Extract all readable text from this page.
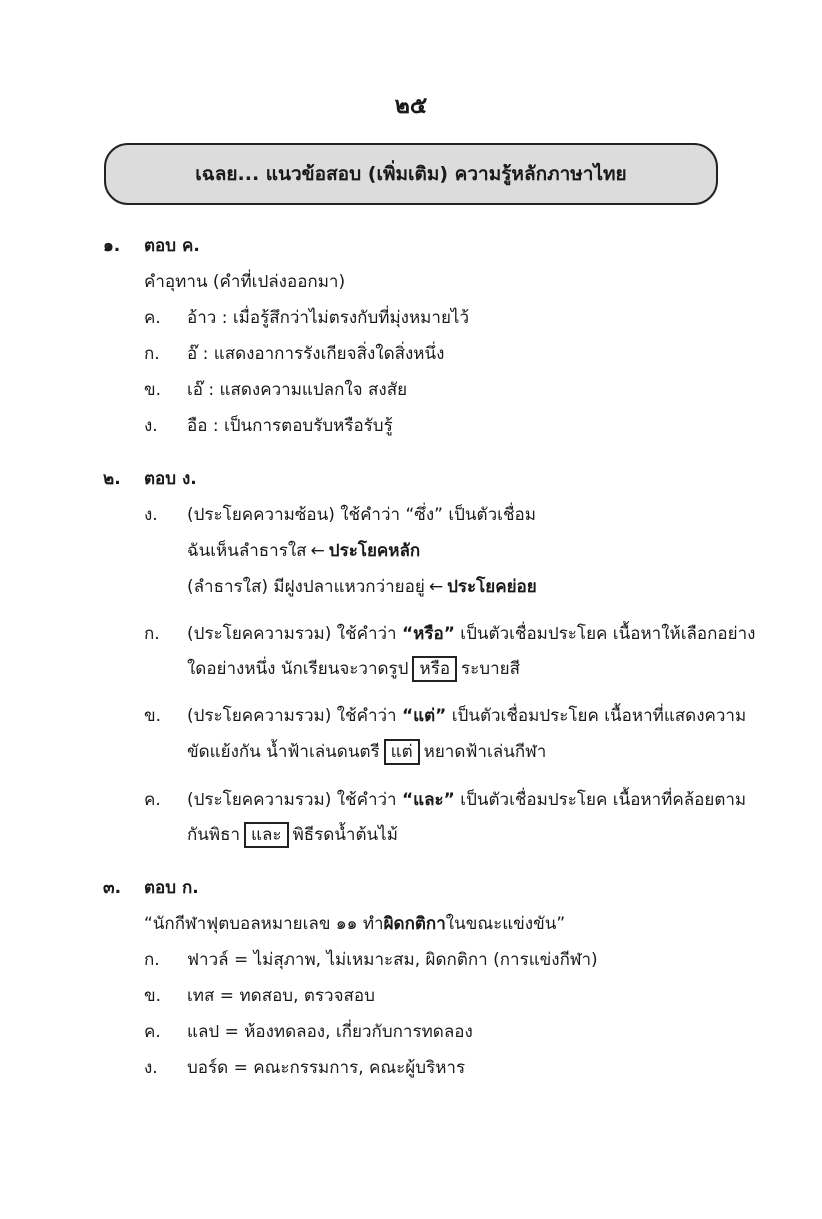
๒๕
เฉลย... แนวข้อสอบ (เพิ่มเติม) ความรู้หลักภาษาไทย
๑. ตอบ ค.
คำอุทาน (คำที่เปล่งออกมา)
ค. อ้าว : เมื่อรู้สึกว่าไม่ตรงกับที่มุ่งหมายไว้
ก. อ๊ : แสดงอาการรังเกียจสิ่งใดสิ่งหนึ่ง
ข. เอ๊ : แสดงความแปลกใจ สงสัย
ง. อือ : เป็นการตอบรับหรือรับรู้
๒. ตอบ ง.
ง. (ประโยคความซ้อน) ใช้คำว่า “ซึ่ง” เป็นตัวเชื่อม
ฉันเห็นลำธารใส ← ประโยคหลัก
(ลำธารใส) มีฝูงปลาแหวกว่ายอยู่ ← ประโยคย่อย
ก. (ประโยคความรวม) ใช้คำว่า “หรือ” เป็นตัวเชื่อมประโยค เนื้อหาให้เลือกอย่าง
ใดอย่างหนึ่ง นักเรียนจะวาดรูป หรือ ระบายสี
ข. (ประโยคความรวม) ใช้คำว่า “แต่” เป็นตัวเชื่อมประโยค เนื้อหาที่แสดงความ
ขัดแย้งกัน น้ำฟ้าเล่นดนตรี แต่ หยาดฟ้าเล่นกีฬา
ค. (ประโยคความรวม) ใช้คำว่า “และ” เป็นตัวเชื่อมประโยค เนื้อหาที่คล้อยตาม
กันพิธา และ พิธีรดน้ำต้นไม้
๓. ตอบ ก.
“นักกีฬาฟุตบอลหมายเลข ๑๑ ทำผิดกติกาในขณะแข่งขัน”
ก. ฟาวล์ = ไม่สุภาพ, ไม่เหมาะสม, ผิดกติกา (การแข่งกีฬา)
ข. เทส = ทดสอบ, ตรวจสอบ
ค. แลป = ห้องทดลอง, เกี่ยวกับการทดลอง
ง. บอร์ด = คณะกรรมการ, คณะผู้บริหาร
